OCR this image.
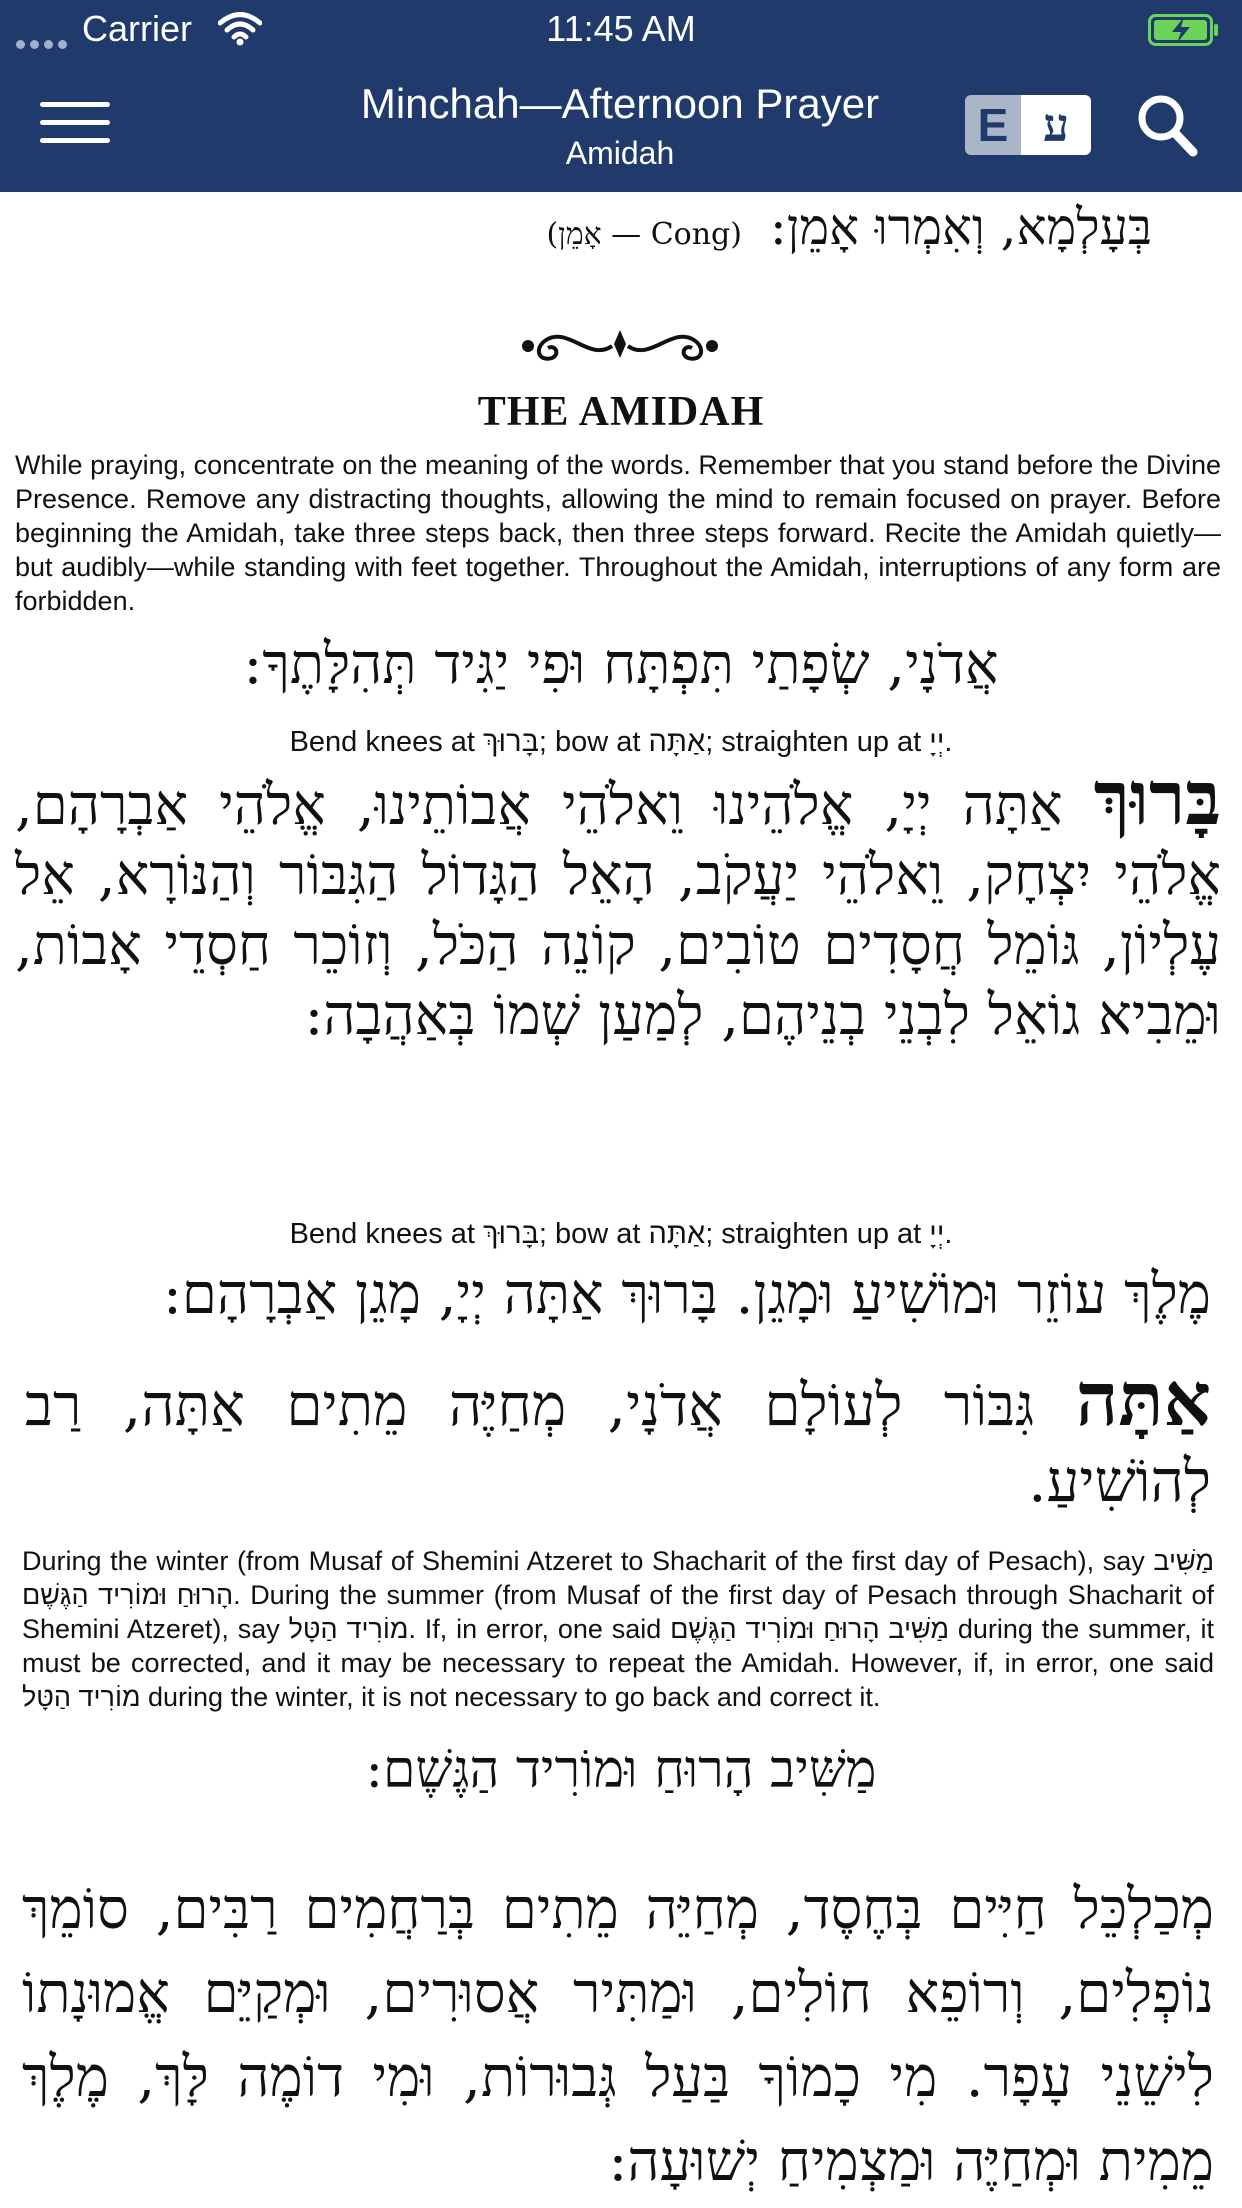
Carrier	11:45 AM
Minchah—Afternoon Prayer
Amidah
E ע
בְּעָלְמָא, וְאִמְרוּ אָמֵן: (Cong — אָמֵן)
THE AMIDAH
While praying, concentrate on the meaning of the words. Remember that you stand before the Divine Presence. Remove any distracting thoughts, allowing the mind to remain focused on prayer. Before beginning the Amidah, take three steps back, then three steps forward. Recite the Amidah quietly—but audibly—while standing with feet together. Throughout the Amidah, interruptions of any form are forbidden.
אֲדֹנָי, שְׂפָתַי תִּפְתָּח וּפִי יַגִּיד תְּהִלָּתֶךָ:
Bend knees at בָּרוּךְ; bow at אַתָּה; straighten up at יְיָ.
בָּרוּךְ אַתָּה יְיָ, אֱלֹהֵינוּ וֵאלֹהֵי אֲבוֹתֵינוּ, אֱלֹהֵי אַבְרָהָם, אֱלֹהֵי יִצְחָק, וֵאלֹהֵי יַעֲקֹב, הָאֵל הַגָּדוֹל הַגִּבּוֹר וְהַנּוֹרָא, אֵל עֶלְיוֹן, גּוֹמֵל חֲסָדִים טוֹבִים, קוֹנֵה הַכֹּל, וְזוֹכֵר חַסְדֵי אָבוֹת, וּמֵבִיא גוֹאֵל לִבְנֵי בְנֵיהֶם, לְמַעַן שְׁמוֹ בְּאַהֲבָה:
Bend knees at בָּרוּךְ; bow at אַתָּה; straighten up at יְיָ.
מֶלֶךְ עוֹזֵר וּמוֹשִׁיעַ וּמָגֵן. בָּרוּךְ אַתָּה יְיָ, מָגֵן אַבְרָהָם:
אַתָּה גִּבּוֹר לְעוֹלָם אֲדֹנָי, מְחַיֶּה מֵתִים אַתָּה, רַב לְהוֹשִׁיעַ.
During the winter (from Musaf of Shemini Atzeret to Shacharit of the first day of Pesach), say מַשִּׁיב הָרוּחַ וּמוֹרִיד הַגֶּשֶׁם. During the summer (from Musaf of the first day of Pesach through Shacharit of Shemini Atzeret), say מוֹרִיד הַטָּל. If, in error, one said מַשִּׁיב הָרוּחַ וּמוֹרִיד הַגֶּשֶׁם during the summer, it must be corrected, and it may be necessary to repeat the Amidah. However, if, in error, one said מוֹרִיד הַטָּל during the winter, it is not necessary to go back and correct it.
מַשִּׁיב הָרוּחַ וּמוֹרִיד הַגֶּשֶׁם:
מְכַלְכֵּל חַיִּים בְּחֶסֶד, מְחַיֵּה מֵתִים בְּרַחֲמִים רַבִּים, סוֹמֵךְ נוֹפְלִים, וְרוֹפֵא חוֹלִים, וּמַתִּיר אֲסוּרִים, וּמְקַיֵּם אֱמוּנָתוֹ לִישֵׁנֵי עָפָר. מִי כָמוֹךָ בַּעַל גְּבוּרוֹת, וּמִי דוֹמֶה לָּךְ, מֶלֶךְ מֵמִית וּמְחַיֶּה וּמַצְמִיחַ יְשׁוּעָה:
